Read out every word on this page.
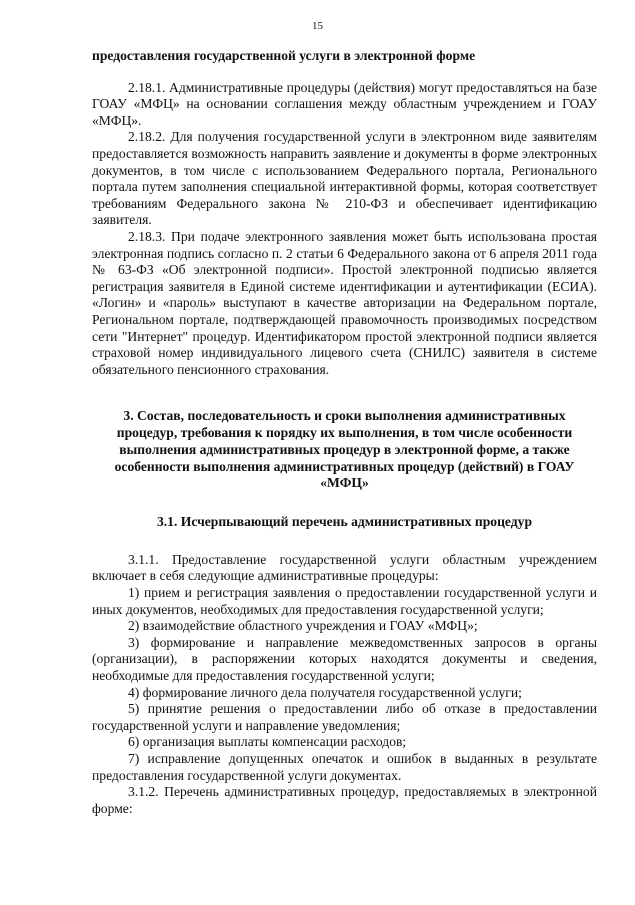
15

предоставления государственной услуги в электронной форме

2.18.1. Административные процедуры (действия) могут предоставляться на базе ГОАУ «МФЦ» на основании соглашения между областным учреждением и ГОАУ «МФЦ».

2.18.2. Для получения государственной услуги в электронном виде заявителям предоставляется возможность направить заявление и документы в форме электронных документов, в том числе с использованием Федерального портала, Регионального портала путем заполнения специальной интерактивной формы, которая соответствует требованиям Федерального закона № 210-ФЗ и обеспечивает идентификацию заявителя.

2.18.3. При подаче электронного заявления может быть использована простая электронная подпись согласно п. 2 статьи 6 Федерального закона от 6 апреля 2011 года № 63-ФЗ «Об электронной подписи». Простой электронной подписью является регистрация заявителя в Единой системе идентификации и аутентификации (ЕСИА). «Логин» и «пароль» выступают в качестве авторизации на Федеральном портале, Региональном портале, подтверждающей правомочность производимых посредством сети "Интернет" процедур. Идентификатором простой электронной подписи является страховой номер индивидуального лицевого счета (СНИЛС) заявителя в системе обязательного пенсионного страхования.

3. Состав, последовательность и сроки выполнения административных процедур, требования к порядку их выполнения, в том числе особенности выполнения административных процедур в электронной форме, а также особенности выполнения административных процедур (действий) в ГОАУ «МФЦ»

3.1. Исчерпывающий перечень административных процедур

3.1.1. Предоставление государственной услуги областным учреждением включает в себя следующие административные процедуры:

1) прием и регистрация заявления о предоставлении государственной услуги и иных документов, необходимых для предоставления государственной услуги;

2) взаимодействие областного учреждения и ГОАУ «МФЦ»;

3) формирование и направление межведомственных запросов в органы (организации), в распоряжении которых находятся документы и сведения, необходимые для предоставления государственной услуги;

4) формирование личного дела получателя государственной услуги;

5) принятие решения о предоставлении либо об отказе в предоставлении государственной услуги и направление уведомления;

6) организация выплаты компенсации расходов;

7) исправление допущенных опечаток и ошибок в выданных в результате предоставления государственной услуги документах.

3.1.2. Перечень административных процедур, предоставляемых в электронной форме:
